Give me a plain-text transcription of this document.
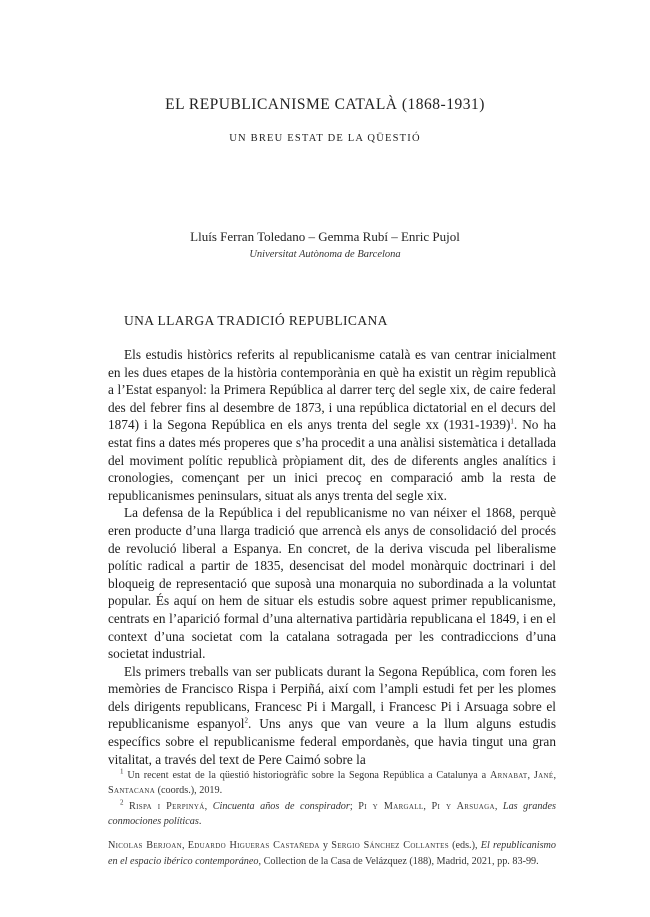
EL REPUBLICANISME CATALÀ (1868-1931)
UN BREU ESTAT DE LA QÜESTIÓ
Lluís Ferran Toledano – Gemma Rubí – Enric Pujol
Universitat Autònoma de Barcelona
UNA LLARGA TRADICIÓ REPUBLICANA

Els estudis històrics referits al republicanisme català es van centrar inicialment en les dues etapes de la història contemporània en què ha existit un règim republicà a l’Estat espanyol: la Primera República al darrer terç del segle xix, de caire federal des del febrer fins al desembre de 1873, i una república dictatorial en el decurs del 1874) i la Segona República en els anys trenta del segle xx (1931-1939)$^1$. No ha estat fins a dates més properes que s’ha procedit a una anàlisi sistemàtica i detallada del moviment polític republicà pròpiament dit, des de diferents angles analítics i cronologies, començant per un inici precoç en comparació amb la resta de republicanismes peninsulars, situat als anys trenta del segle xix.

La defensa de la República i del republicanisme no van néixer el 1868, perquè eren producte d’una llarga tradició que arrencà els anys de consolidació del procés de revolució liberal a Espanya. En concret, de la deriva viscuda pel liberalisme polític radical a partir de 1835, desencisat del model monàrquic doctrinari i del bloqueig de representació que suposà una monarquia no subordinada a la voluntat popular. És aquí on hem de situar els estudis sobre aquest primer republicanisme, centrats en l’aparició formal d’una alternativa partidària republicana el 1849, i en el context d’una societat com la catalana sotragada per les contradiccions d’una societat industrial.

Els primers treballs van ser publicats durant la Segona República, com foren les memòries de Francisco Rispa i Perpiñá, així com l’ampli estudi fet per les plomes dels dirigents republicans, Francesc Pi i Margall, i Francesc Pi i Arsuaga sobre el republicanisme espanyol$^2$. Uns anys que van veure a la llum alguns estudis específics sobre el republicanisme federal empordanès, que havia tingut una gran vitalitat, a través del text de Pere Caimó sobre la

$^1$ Un recent estat de la qüestió historiogràfic sobre la Segona República a Catalunya a Arnabat, Jané, Santacana (coords.), 2019.

$^2$ Rispa i Perpinyá, Cincuenta años de conspirador; Pi y Margall, Pi y Arsuaga, Las grandes conmociones políticas.

Nicolas Berjoan, Eduardo Higueras Castañeda y Sergio Sánchez Collantes (eds.), El republicanismo en el espacio ibérico contemporáneo, Collection de la Casa de Velázquez (188), Madrid, 2021, pp. 83-99.
